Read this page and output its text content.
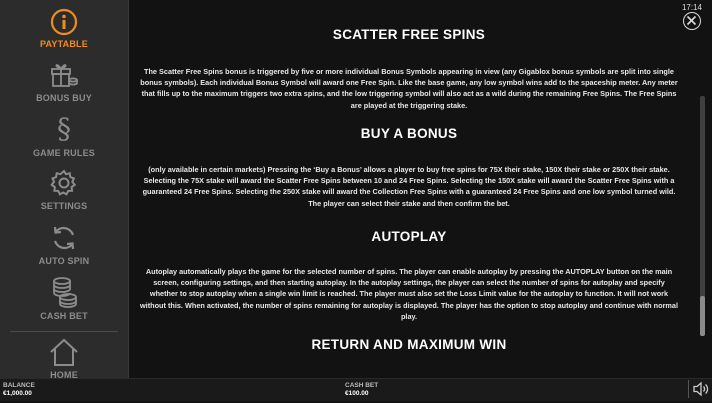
PAYTABLE
BONUS BUY
§
GAME RULES
SETTINGS
AUTO SPIN
CASH BET
HOME
SCATTER FREE SPINS
The Scatter Free Spins bonus is triggered by five or more individual Bonus Symbols appearing in view (any Gigablox bonus symbols are split into single bonus symbols). Each individual Bonus Symbol will award one Free Spin. Like the base game, any low symbol wins add to the spaceship meter. Any meter that fills up to the maximum triggers two extra spins, and the low triggering symbol will also act as a wild during the remaining Free Spins. The Free Spins are played at the triggering stake.
BUY A BONUS
(only available in certain markets) Pressing the ‘Buy a Bonus’ allows a player to buy free spins for 75X their stake, 150X their stake or 250X their stake. Selecting the 75X stake will award the Scatter Free Spins between 10 and 24 Free Spins. Selecting the 150X stake will award the Scatter Free Spins with a guaranteed 24 Free Spins. Selecting the 250X stake will award the Collection Free Spins with a guaranteed 24 Free Spins and one low symbol turned wild. The player can select their stake and then confirm the bet.
AUTOPLAY
Autoplay automatically plays the game for the selected number of spins. The player can enable autoplay by pressing the AUTOPLAY button on the main screen, configuring settings, and then starting autoplay. In the autoplay settings, the player can select the number of spins for autoplay and specify whether to stop autoplay when a single win limit is reached. The player must also set the Loss Limit value for the autoplay to function. It will not work without this. When activated, the number of spins remaining for autoplay is displayed. The player has the option to stop autoplay and continue with normal play.
RETURN AND MAXIMUM WIN
17:14
BALANCE
€1,000.00
CASH BET
€100.00
